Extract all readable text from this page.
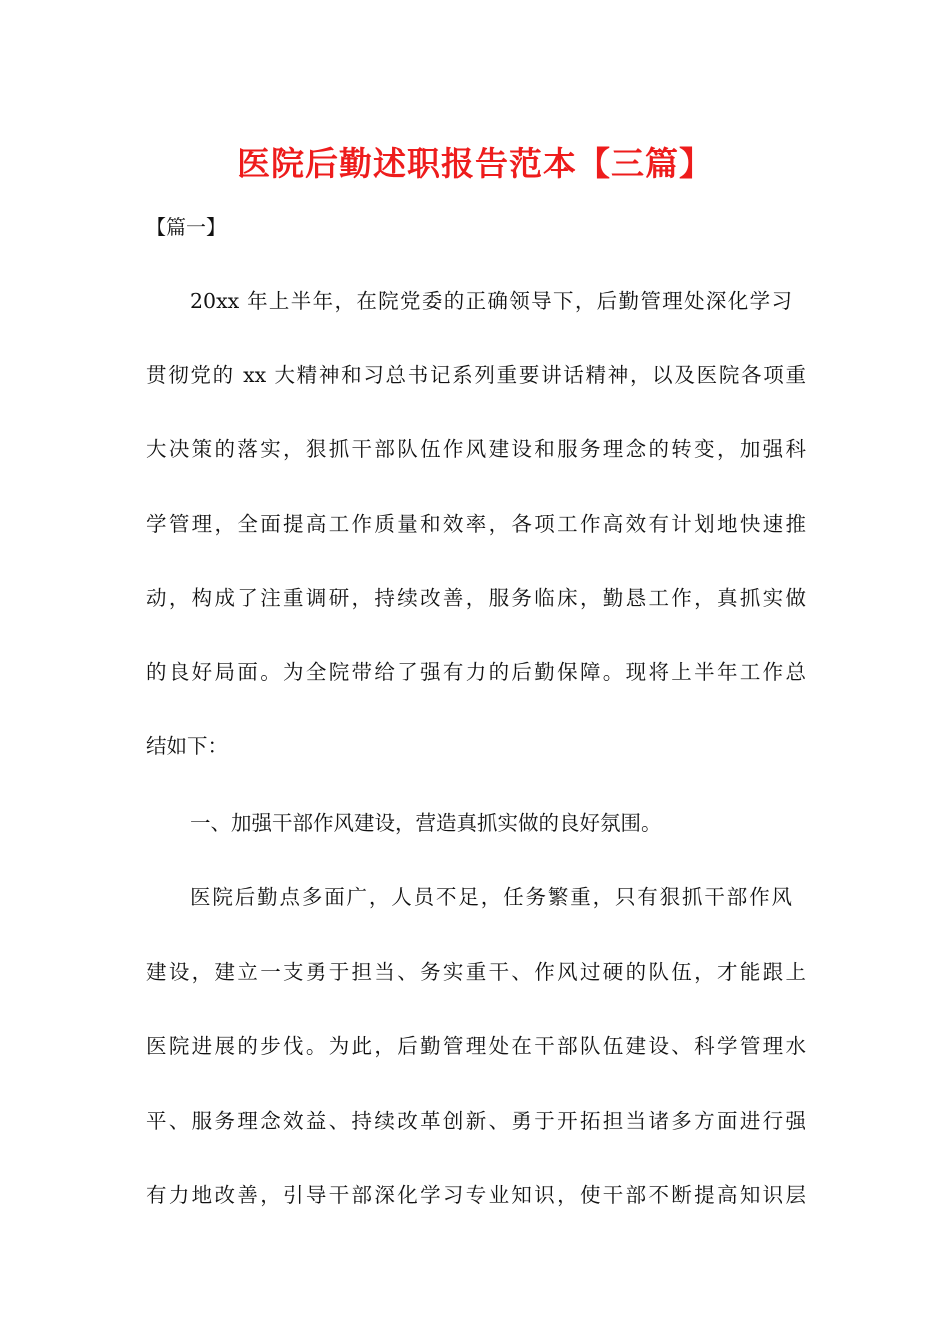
医院后勤述职报告范本【三篇】
【篇一】
20xx 年上半年，在院党委的正确领导下，后勤管理处深化学习
贯彻党的 xx 大精神和习总书记系列重要讲话精神，以及医院各项重
大决策的落实，狠抓干部队伍作风建设和服务理念的转变，加强科
学管理，全面提高工作质量和效率，各项工作高效有计划地快速推
动，构成了注重调研，持续改善，服务临床，勤恳工作，真抓实做
的良好局面。为全院带给了强有力的后勤保障。现将上半年工作总
结如下：
一、加强干部作风建设，营造真抓实做的良好氛围。
医院后勤点多面广，人员不足，任务繁重，只有狠抓干部作风
建设，建立一支勇于担当、务实重干、作风过硬的队伍，才能跟上
医院进展的步伐。为此，后勤管理处在干部队伍建设、科学管理水
平、服务理念效益、持续改革创新、勇于开拓担当诸多方面进行强
有力地改善，引导干部深化学习专业知识，使干部不断提高知识层
